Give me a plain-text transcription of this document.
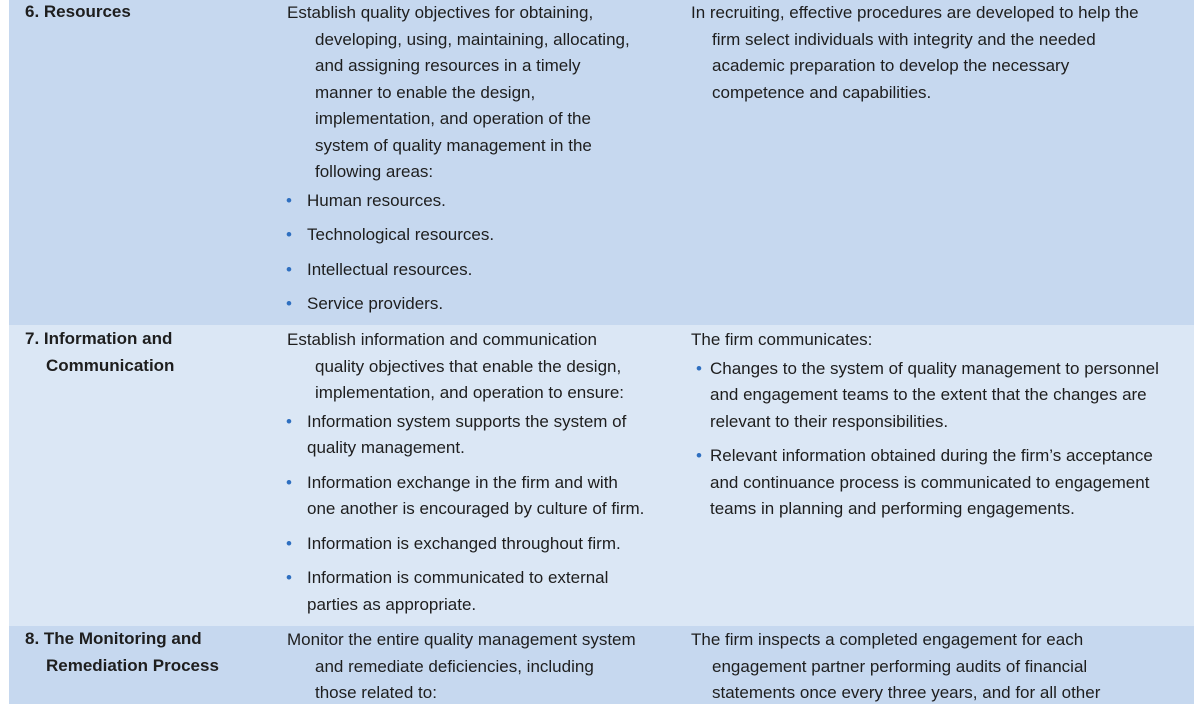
6. Resources	Establish quality objectives for obtaining,
developing, using, maintaining, allocating,
and assigning resources in a timely
manner to enable the design,
implementation, and operation of the
system of quality management in the
following areas:

• Human resources.
• Technological resources.
• Intellectual resources.
• Service providers.

In recruiting, effective procedures are developed to help the
firm select individuals with integrity and the needed
academic preparation to develop the necessary
competence and capabilities.

7. Information and
Communication

Establish information and communication
quality objectives that enable the design,
implementation, and operation to ensure:

• Information system supports the system of
quality management.
• Information exchange in the firm and with
one another is encouraged by culture of firm.
• Information is exchanged throughout firm.
• Information is communicated to external
parties as appropriate.

The firm communicates:

• Changes to the system of quality management to personnel
and engagement teams to the extent that the changes are
relevant to their responsibilities.
• Relevant information obtained during the firm’s acceptance
and continuance process is communicated to engagement
teams in planning and performing engagements.
8. The Monitoring and
Remediation Process

Monitor the entire quality management system
and remediate deficiencies, including
those related to:

The firm inspects a completed engagement for each
engagement partner performing audits of financial
statements once every three years, and for all other
